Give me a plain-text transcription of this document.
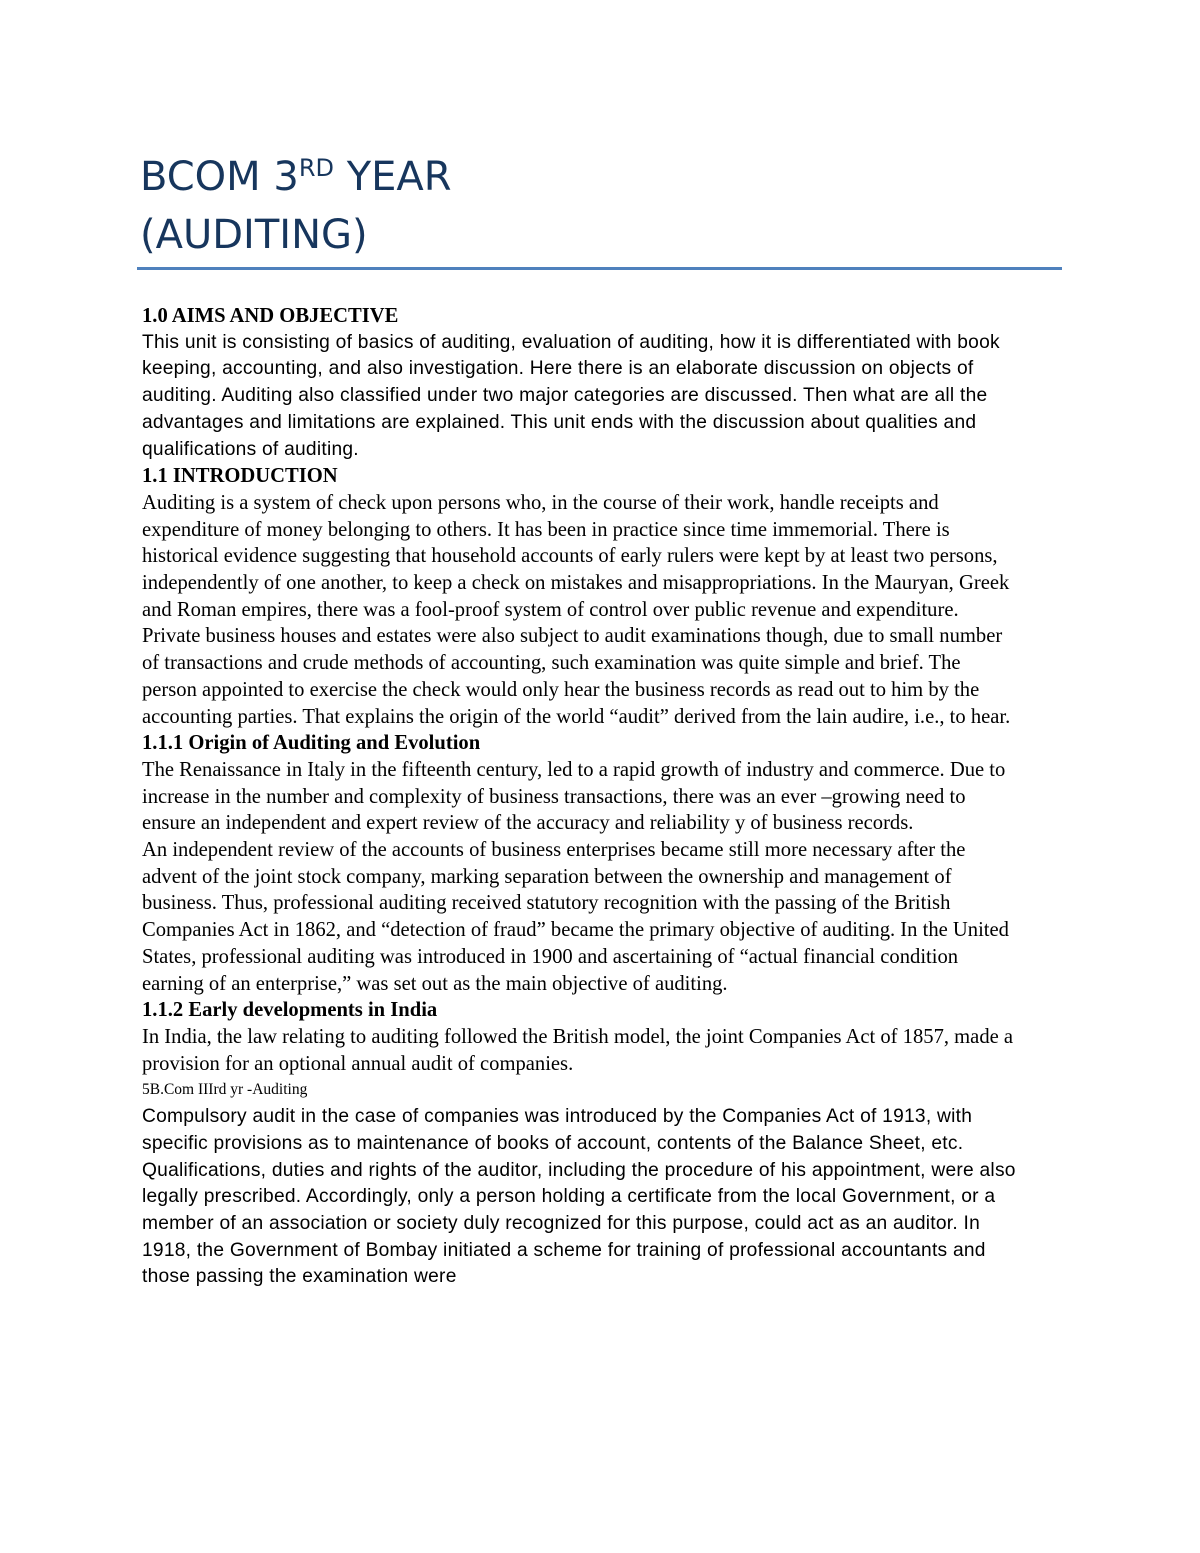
BCOM 3RD YEAR
(AUDITING)
1.0 AIMS AND OBJECTIVE

This unit is consisting of basics of auditing, evaluation of auditing, how it is differentiated with book keeping, accounting, and also investigation. Here there is an elaborate discussion on objects of auditing. Auditing also classified under two major categories are discussed. Then what are all the advantages and limitations are explained. This unit ends with the discussion about qualities and qualifications of auditing.

1.1 INTRODUCTION

Auditing is a system of check upon persons who, in the course of their work, handle receipts and expenditure of money belonging to others. It has been in practice since time immemorial. There is historical evidence suggesting that household accounts of early rulers were kept by at least two persons, independently of one another, to keep a check on mistakes and misappropriations. In the Mauryan, Greek and Roman empires, there was a fool-proof system of control over public revenue and expenditure.

Private business houses and estates were also subject to audit examinations though, due to small number of transactions and crude methods of accounting, such examination was quite simple and brief. The person appointed to exercise the check would only hear the business records as read out to him by the accounting parties. That explains the origin of the world “audit” derived from the lain audire, i.e., to hear.

1.1.1 Origin of Auditing and Evolution

The Renaissance in Italy in the fifteenth century, led to a rapid growth of industry and commerce. Due to increase in the number and complexity of business transactions, there was an ever –growing need to ensure an independent and expert review of the accuracy and reliability y of business records.

An independent review of the accounts of business enterprises became still more necessary after the advent of the joint stock company, marking separation between the ownership and management of business. Thus, professional auditing received statutory recognition with the passing of the British Companies Act in 1862, and “detection of fraud” became the primary objective of auditing. In the United States, professional auditing was introduced in 1900 and ascertaining of “actual financial condition earning of an enterprise,” was set out as the main objective of auditing.

1.1.2 Early developments in India

In India, the law relating to auditing followed the British model, the joint Companies Act of 1857, made a provision for an optional annual audit of companies.

5B.Com IIIrd yr -Auditing

Compulsory audit in the case of companies was introduced by the Companies Act of 1913, with specific provisions as to maintenance of books of account, contents of the Balance Sheet, etc. Qualifications, duties and rights of the auditor, including the procedure of his appointment, were also legally prescribed. Accordingly, only a person holding a certificate from the local Government, or a member of an association or society duly recognized for this purpose, could act as an auditor. In 1918, the Government of Bombay initiated a scheme for training of professional accountants and those passing the examination were
